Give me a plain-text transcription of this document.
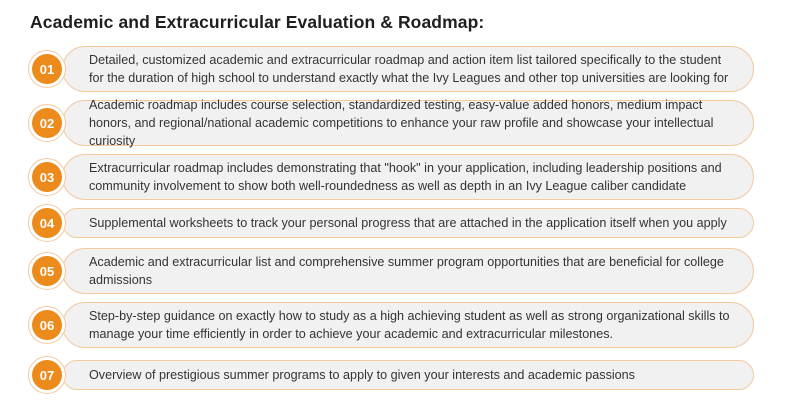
Academic and Extracurricular Evaluation & Roadmap:
Detailed, customized academic and extracurricular roadmap and action item list tailored specifically to the student for the duration of high school to understand exactly what the Ivy Leagues and other top universities are looking for
01
Academic roadmap includes course selection, standardized testing, easy-value added honors, medium impact honors, and regional/national academic competitions to enhance your raw profile and showcase your intellectual curiosity
02
Extracurricular roadmap includes demonstrating that "hook" in your application, including leadership positions and community involvement to show both well-roundedness as well as depth in an Ivy League caliber candidate
03
Supplemental worksheets to track your personal progress that are attached in the application itself when you apply
04
Academic and extracurricular list and comprehensive summer program opportunities that are beneficial for college admissions
05
Step-by-step guidance on exactly how to study as a high achieving student as well as strong organizational skills to manage your time efficiently in order to achieve your academic and extracurricular milestones.
06
Overview of prestigious summer programs to apply to given your interests and academic passions
07
